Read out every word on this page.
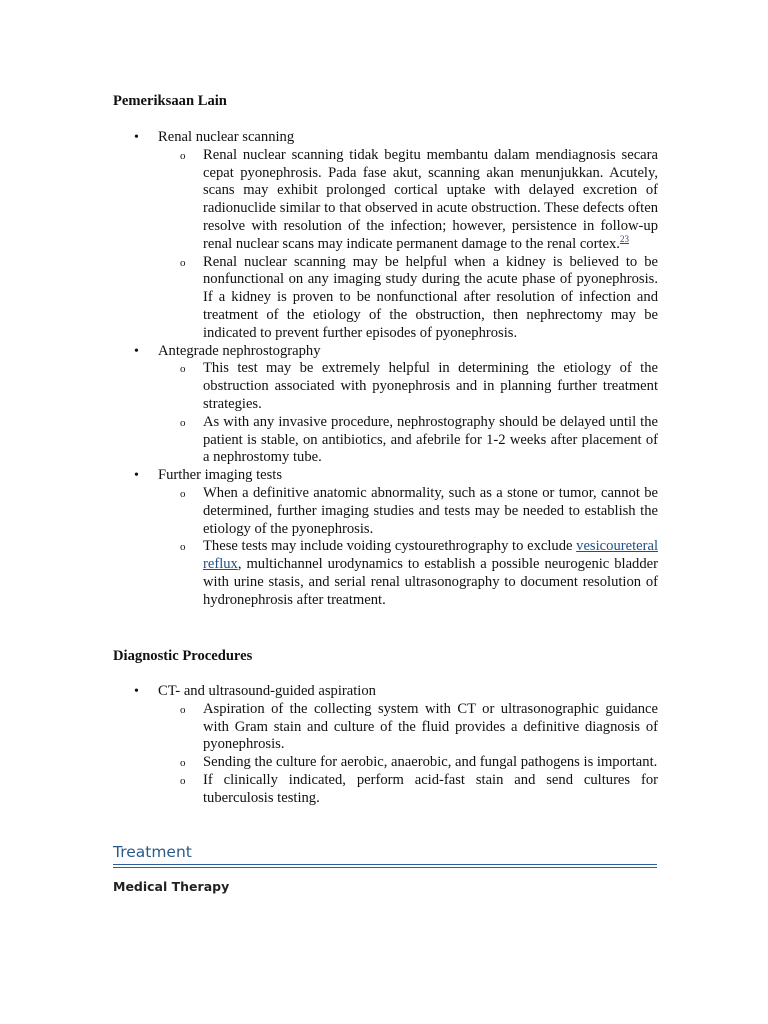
Pemeriksaan Lain
• Renal nuclear scanning
o Renal nuclear scanning tidak begitu membantu dalam mendiagnosis secara cepat pyonephrosis. Pada fase akut, scanning akan menunjukkan. Acutely, scans may exhibit prolonged cortical uptake with delayed excretion of radionuclide similar to that observed in acute obstruction. These defects often resolve with resolution of the infection; however, persistence in follow-up renal nuclear scans may indicate permanent damage to the renal cortex.$^{23}$
o Renal nuclear scanning may be helpful when a kidney is believed to be nonfunctional on any imaging study during the acute phase of pyonephrosis. If a kidney is proven to be nonfunctional after resolution of infection and treatment of the etiology of the obstruction, then nephrectomy may be indicated to prevent further episodes of pyonephrosis.
• Antegrade nephrostography
o This test may be extremely helpful in determining the etiology of the obstruction associated with pyonephrosis and in planning further treatment strategies.
o As with any invasive procedure, nephrostography should be delayed until the patient is stable, on antibiotics, and afebrile for 1-2 weeks after placement of a nephrostomy tube.
• Further imaging tests
o When a definitive anatomic abnormality, such as a stone or tumor, cannot be determined, further imaging studies and tests may be needed to establish the etiology of the pyonephrosis.
o These tests may include voiding cystourethrography to exclude vesicoureteral reflux, multichannel urodynamics to establish a possible neurogenic bladder with urine stasis, and serial renal ultrasonography to document resolution of hydronephrosis after treatment.
Diagnostic Procedures
• CT- and ultrasound-guided aspiration
o Aspiration of the collecting system with CT or ultrasonographic guidance with Gram stain and culture of the fluid provides a definitive diagnosis of pyonephrosis.
o Sending the culture for aerobic, anaerobic, and fungal pathogens is important.
o If clinically indicated, perform acid-fast stain and send cultures for tuberculosis testing.
Treatment
Medical Therapy
